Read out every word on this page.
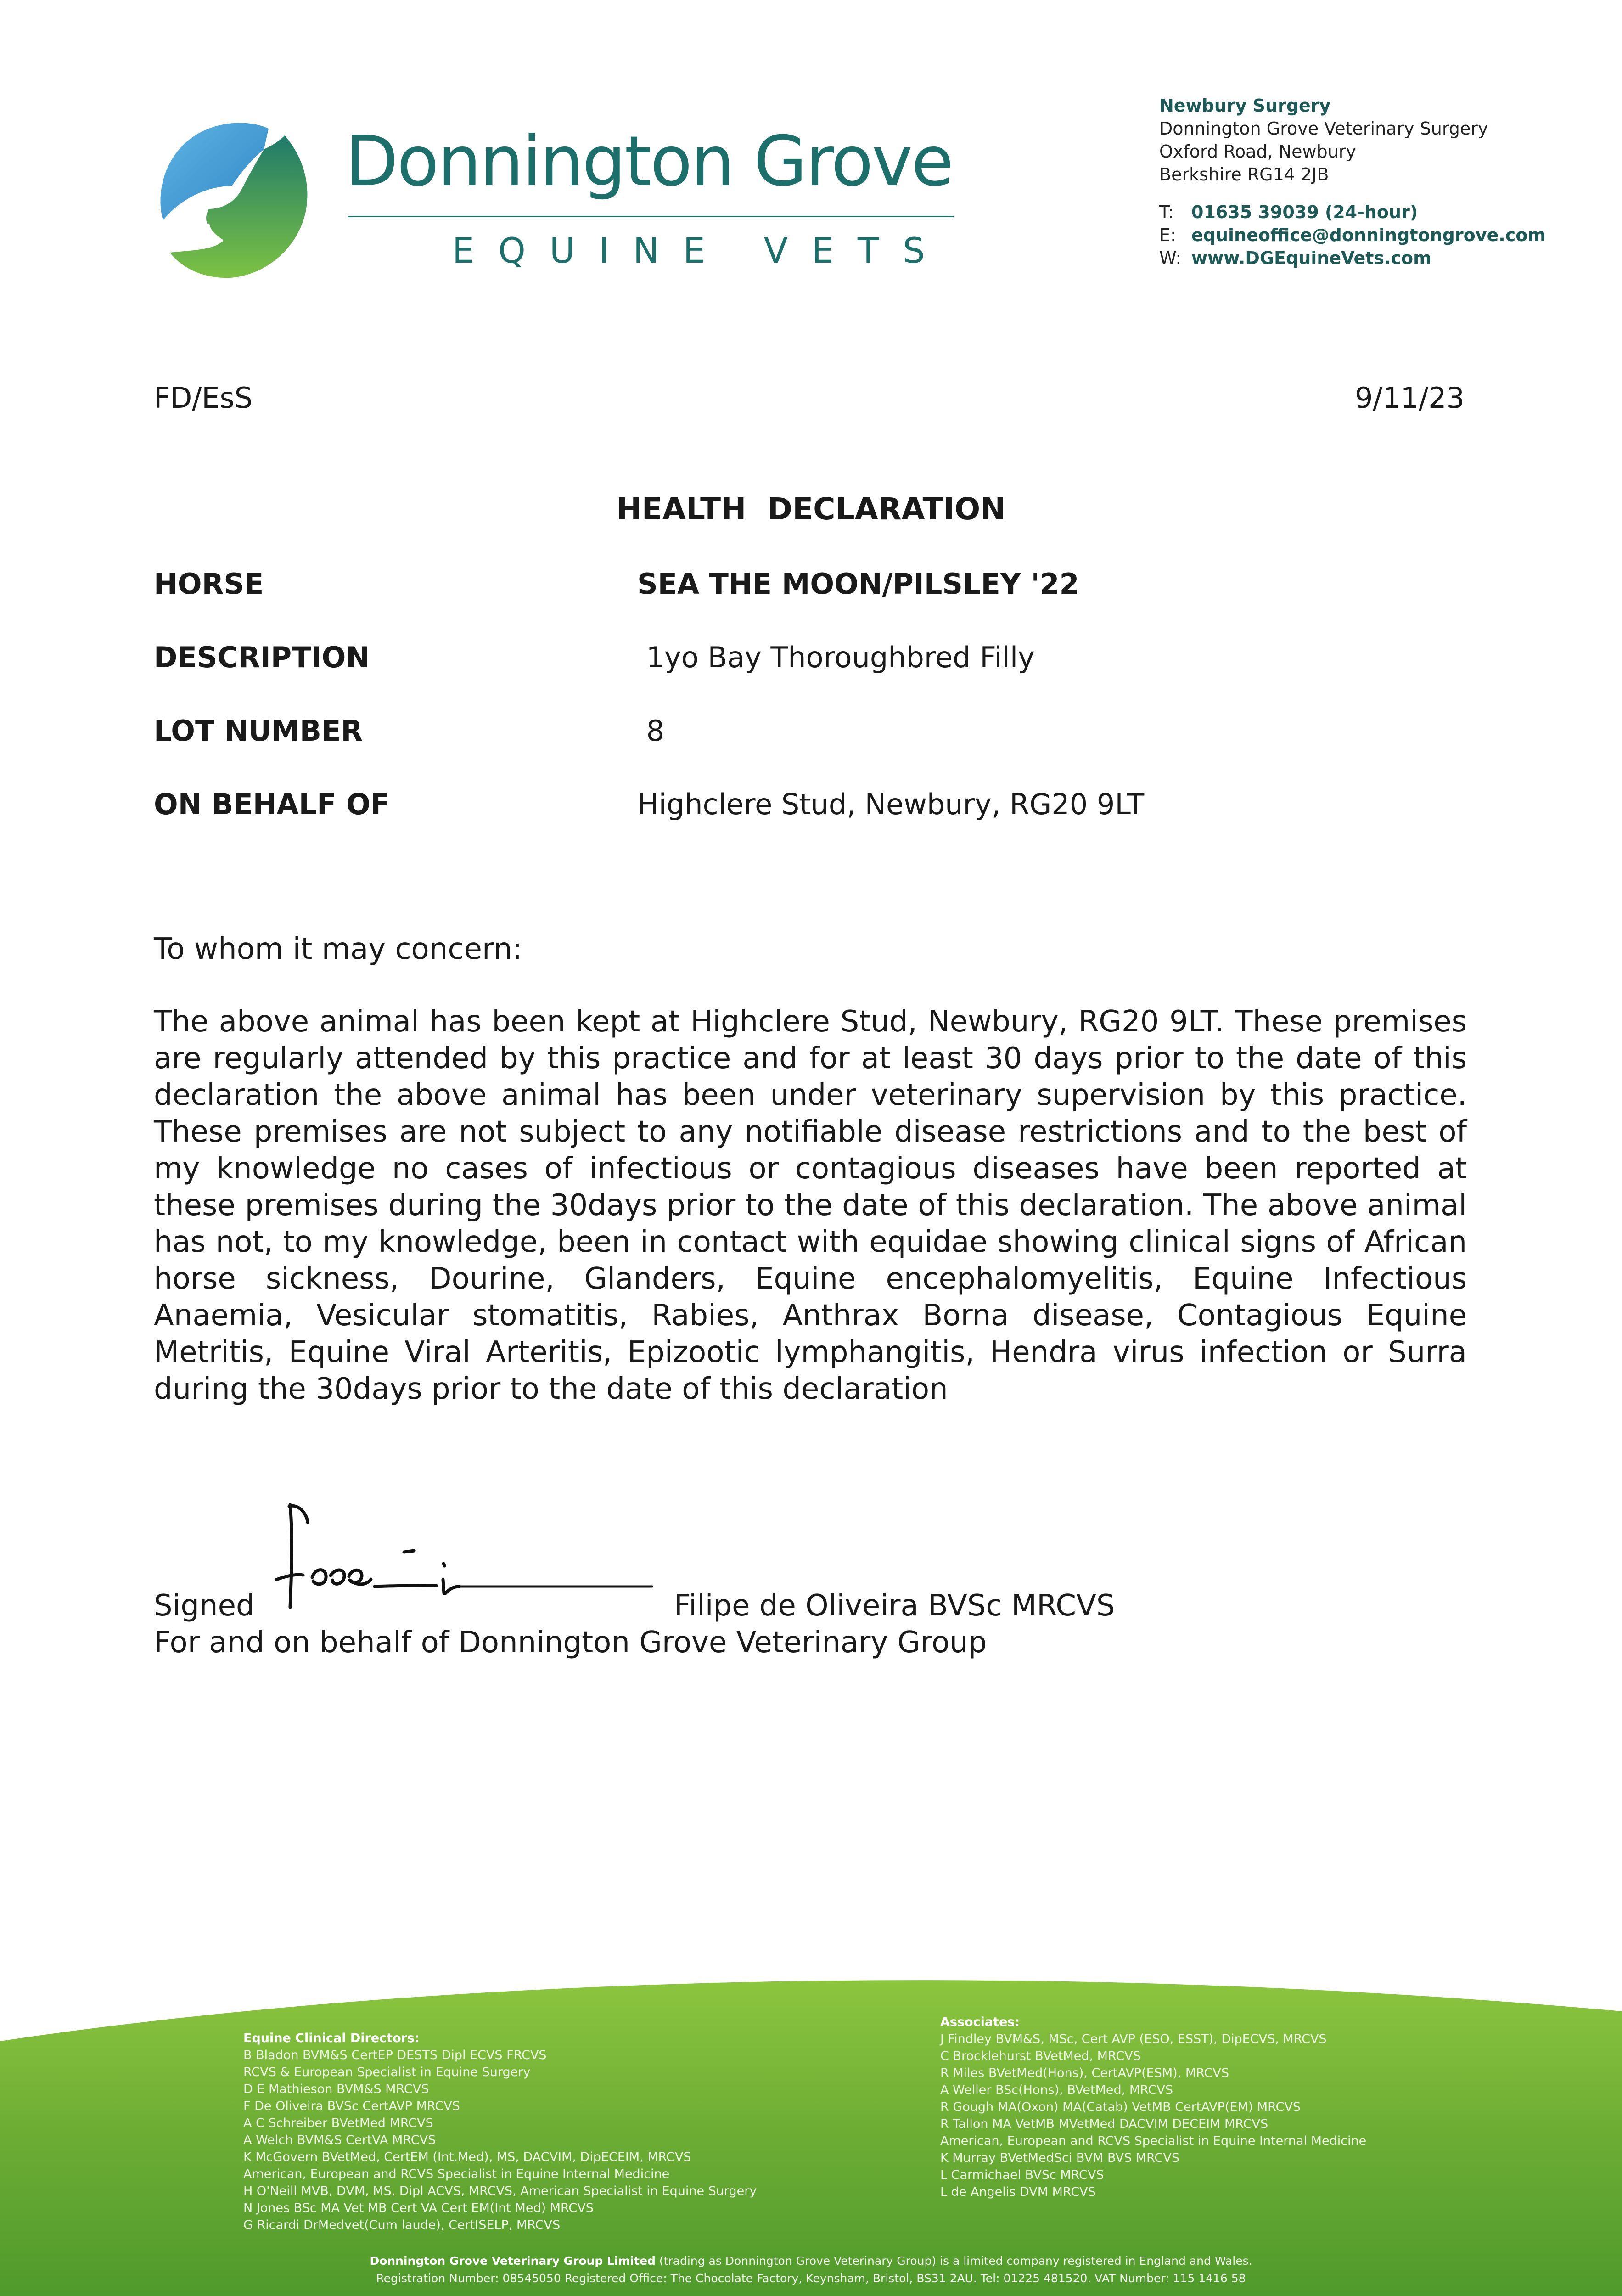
Donnington Grove
EQUINE VETS
Newbury Surgery
Donnington Grove Veterinary Surgery
Oxford Road, Newbury
Berkshire RG14 2JB
T:	01635 39039 (24-hour)
E: equineoffice@donningtongrove.com
W: www.DGEquineVets.com
FD/EsS	9/11/23
HEALTH  DECLARATION
HORSE	SEA THE MOON/PILSLEY '22
DESCRIPTION	1yo Bay Thoroughbred Filly
LOT NUMBER	8
ON BEHALF OF	Highclere Stud, Newbury, RG20 9LT
To whom it may concern:
The above animal has been kept at Highclere Stud, Newbury, RG20 9LT. These premises are regularly attended by this practice and for at least 30 days prior to the date of this declaration the above animal has been under veterinary supervision by this practice. These premises are not subject to any notifiable disease restrictions and to the best of my knowledge no cases of infectious or contagious diseases have been reported at these premises during the 30days prior to the date of this declaration. The above animal has not, to my knowledge, been in contact with equidae showing clinical signs of African horse sickness, Dourine, Glanders, Equine encephalomyelitis, Equine Infectious Anaemia, Vesicular stomatitis, Rabies, Anthrax Borna disease, Contagious Equine Metritis, Equine Viral Arteritis, Epizootic lymphangitis, Hendra virus infection or Surra during the 30days prior to the date of this declaration
Signed	Filipe de Oliveira BVSc MRCVS
For and on behalf of Donnington Grove Veterinary Group
Equine Clinical Directors:
B Bladon BVM&S CertEP DESTS Dipl ECVS FRCVS
RCVS & European Specialist in Equine Surgery
D E Mathieson BVM&S MRCVS
F De Oliveira BVSc CertAVP MRCVS
A C Schreiber BVetMed MRCVS
A Welch BVM&S CertVA MRCVS
K McGovern BVetMed, CertEM (Int.Med), MS, DACVIM, DipECEIM, MRCVS
American, European and RCVS Specialist in Equine Internal Medicine
H O'Neill MVB, DVM, MS, Dipl ACVS, MRCVS, American Specialist in Equine Surgery
N Jones BSc MA Vet MB Cert VA Cert EM(Int Med) MRCVS
G Ricardi DrMedvet(Cum laude), CertISELP, MRCVS
Associates:
J Findley BVM&S, MSc, Cert AVP (ESO, ESST), DipECVS, MRCVS
C Brocklehurst BVetMed, MRCVS
R Miles BVetMed(Hons), CertAVP(ESM), MRCVS
A Weller BSc(Hons), BVetMed, MRCVS
R Gough MA(Oxon) MA(Catab) VetMB CertAVP(EM) MRCVS
R Tallon MA VetMB MVetMed DACVIM DECEIM MRCVS
American, European and RCVS Specialist in Equine Internal Medicine
K Murray BVetMedSci BVM BVS MRCVS
L Carmichael BVSc MRCVS
L de Angelis DVM MRCVS
Donnington Grove Veterinary Group Limited (trading as Donnington Grove Veterinary Group) is a limited company registered in England and Wales.
Registration Number: 08545050 Registered Office: The Chocolate Factory, Keynsham, Bristol, BS31 2AU. Tel: 01225 481520. VAT Number: 115 1416 58
